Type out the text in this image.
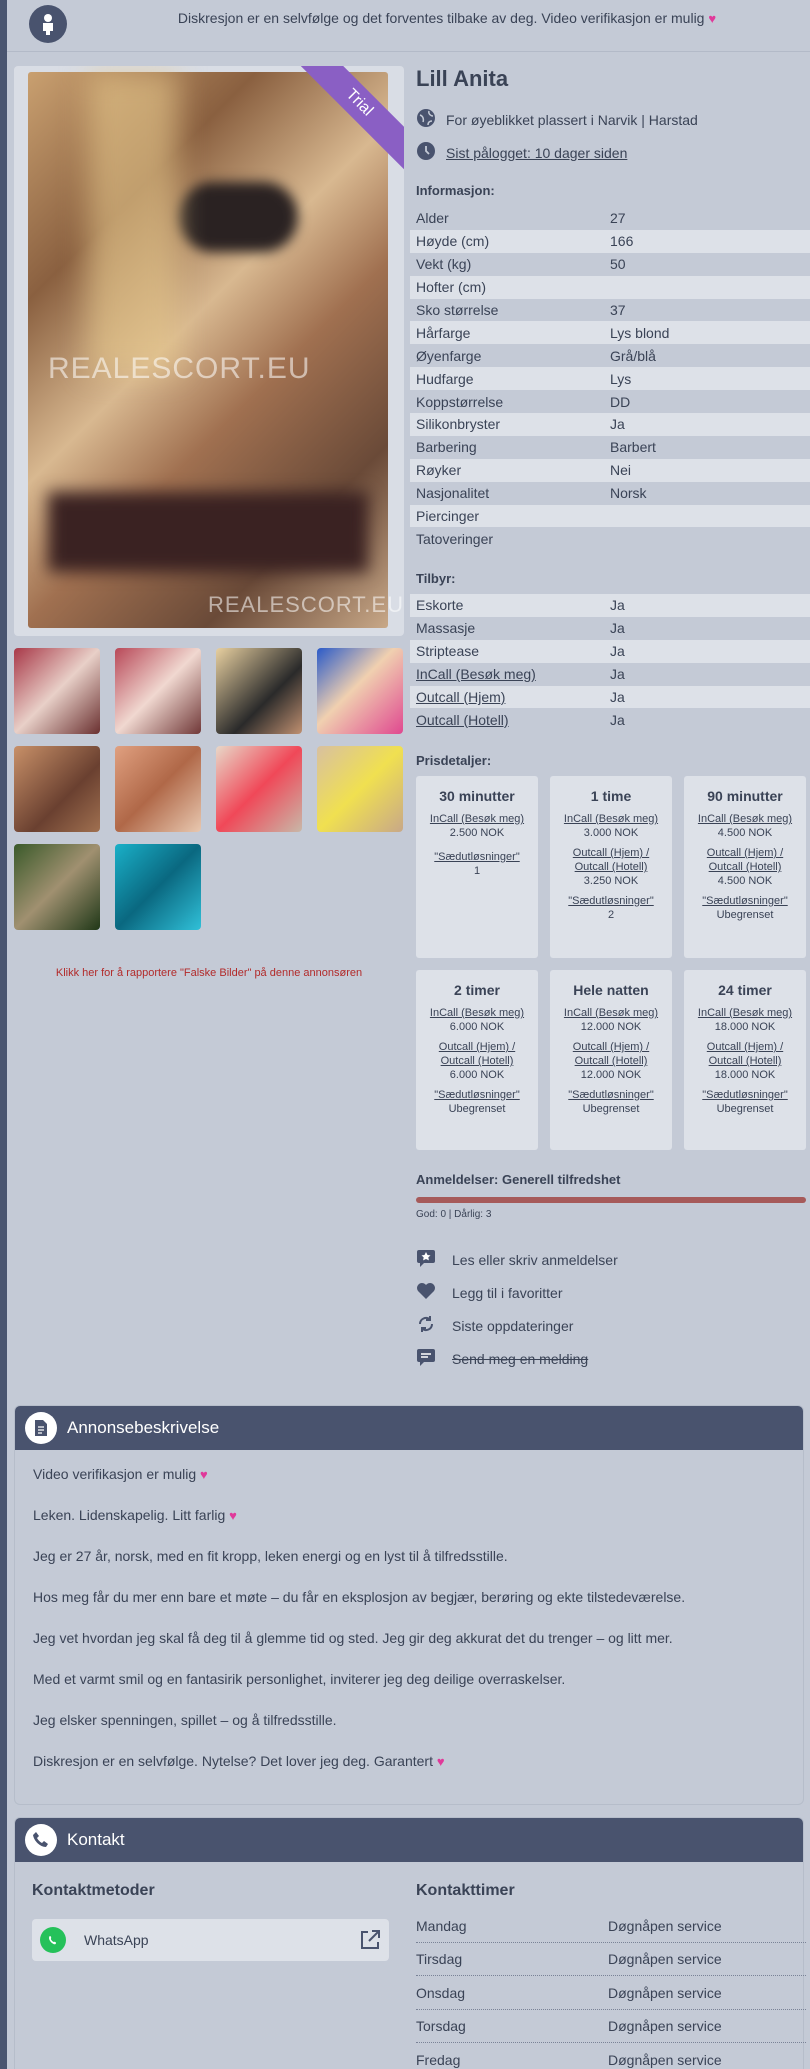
Diskresjon er en selvfølge og det forventes tilbake av deg. Video verifikasjon er mulig ♥
REALESCORT.EU
REALESCORT.EU
Trial
Klikk her for å rapportere "Falske Bilder" på denne annonsøren
Lill Anita
For øyeblikket plassert i Narvik | Harstad
Sist pålogget: 10 dager siden
Informasjon:
Alder	27
Høyde (cm)	166
Vekt (kg)	50
Hofter (cm)
Sko størrelse	37
Hårfarge	Lys blond
Øyenfarge	Grå/blå
Hudfarge	Lys
Koppstørrelse	DD
Silikonbryster	Ja
Barbering	Barbert
Røyker	Nei
Nasjonalitet	Norsk
Piercinger
Tatoveringer
Tilbyr:
Eskorte	Ja
Massasje	Ja
Striptease	Ja
InCall (Besøk meg)	Ja
Outcall (Hjem)	Ja
Outcall (Hotell)	Ja
Prisdetaljer:
30 minutter
InCall (Besøk meg)
2.500 NOK
"Sædutløsninger"
1
1 time
InCall (Besøk meg)
3.000 NOK
Outcall (Hjem) / Outcall (Hotell)
3.250 NOK
"Sædutløsninger"
2
90 minutter
InCall (Besøk meg)
4.500 NOK
Outcall (Hjem) / Outcall (Hotell)
4.500 NOK
"Sædutløsninger"
Ubegrenset
2 timer
InCall (Besøk meg)
6.000 NOK
Outcall (Hjem) / Outcall (Hotell)
6.000 NOK
"Sædutløsninger"
Ubegrenset
Hele natten
InCall (Besøk meg)
12.000 NOK
Outcall (Hjem) / Outcall (Hotell)
12.000 NOK
"Sædutløsninger"
Ubegrenset
24 timer
InCall (Besøk meg)
18.000 NOK
Outcall (Hjem) / Outcall (Hotell)
18.000 NOK
"Sædutløsninger"
Ubegrenset
Anmeldelser: Generell tilfredshet
God: 0 | Dårlig: 3
Les eller skriv anmeldelser
Legg til i favoritter
Siste oppdateringer
Send meg en melding
Annonsebeskrivelse

Video verifikasjon er mulig ♥

Leken. Lidenskapelig. Litt farlig ♥

Jeg er 27 år, norsk, med en fit kropp, leken energi og en lyst til å tilfredsstille.

Hos meg får du mer enn bare et møte – du får en eksplosjon av begjær, berøring og ekte tilstedeværelse.

Jeg vet hvordan jeg skal få deg til å glemme tid og sted. Jeg gir deg akkurat det du trenger – og litt mer.

Med et varmt smil og en fantasirik personlighet, inviterer jeg deg deilige overraskelser.

Jeg elsker spenningen, spillet – og å tilfredsstille.

Diskresjon er en selvfølge. Nytelse? Det lover jeg deg. Garantert ♥

Kontakt
Kontaktmetoder
WhatsApp
Kontakttimer
Mandag	Døgnåpen service
Tirsdag	Døgnåpen service
Onsdag	Døgnåpen service
Torsdag	Døgnåpen service
Fredag	Døgnåpen service
